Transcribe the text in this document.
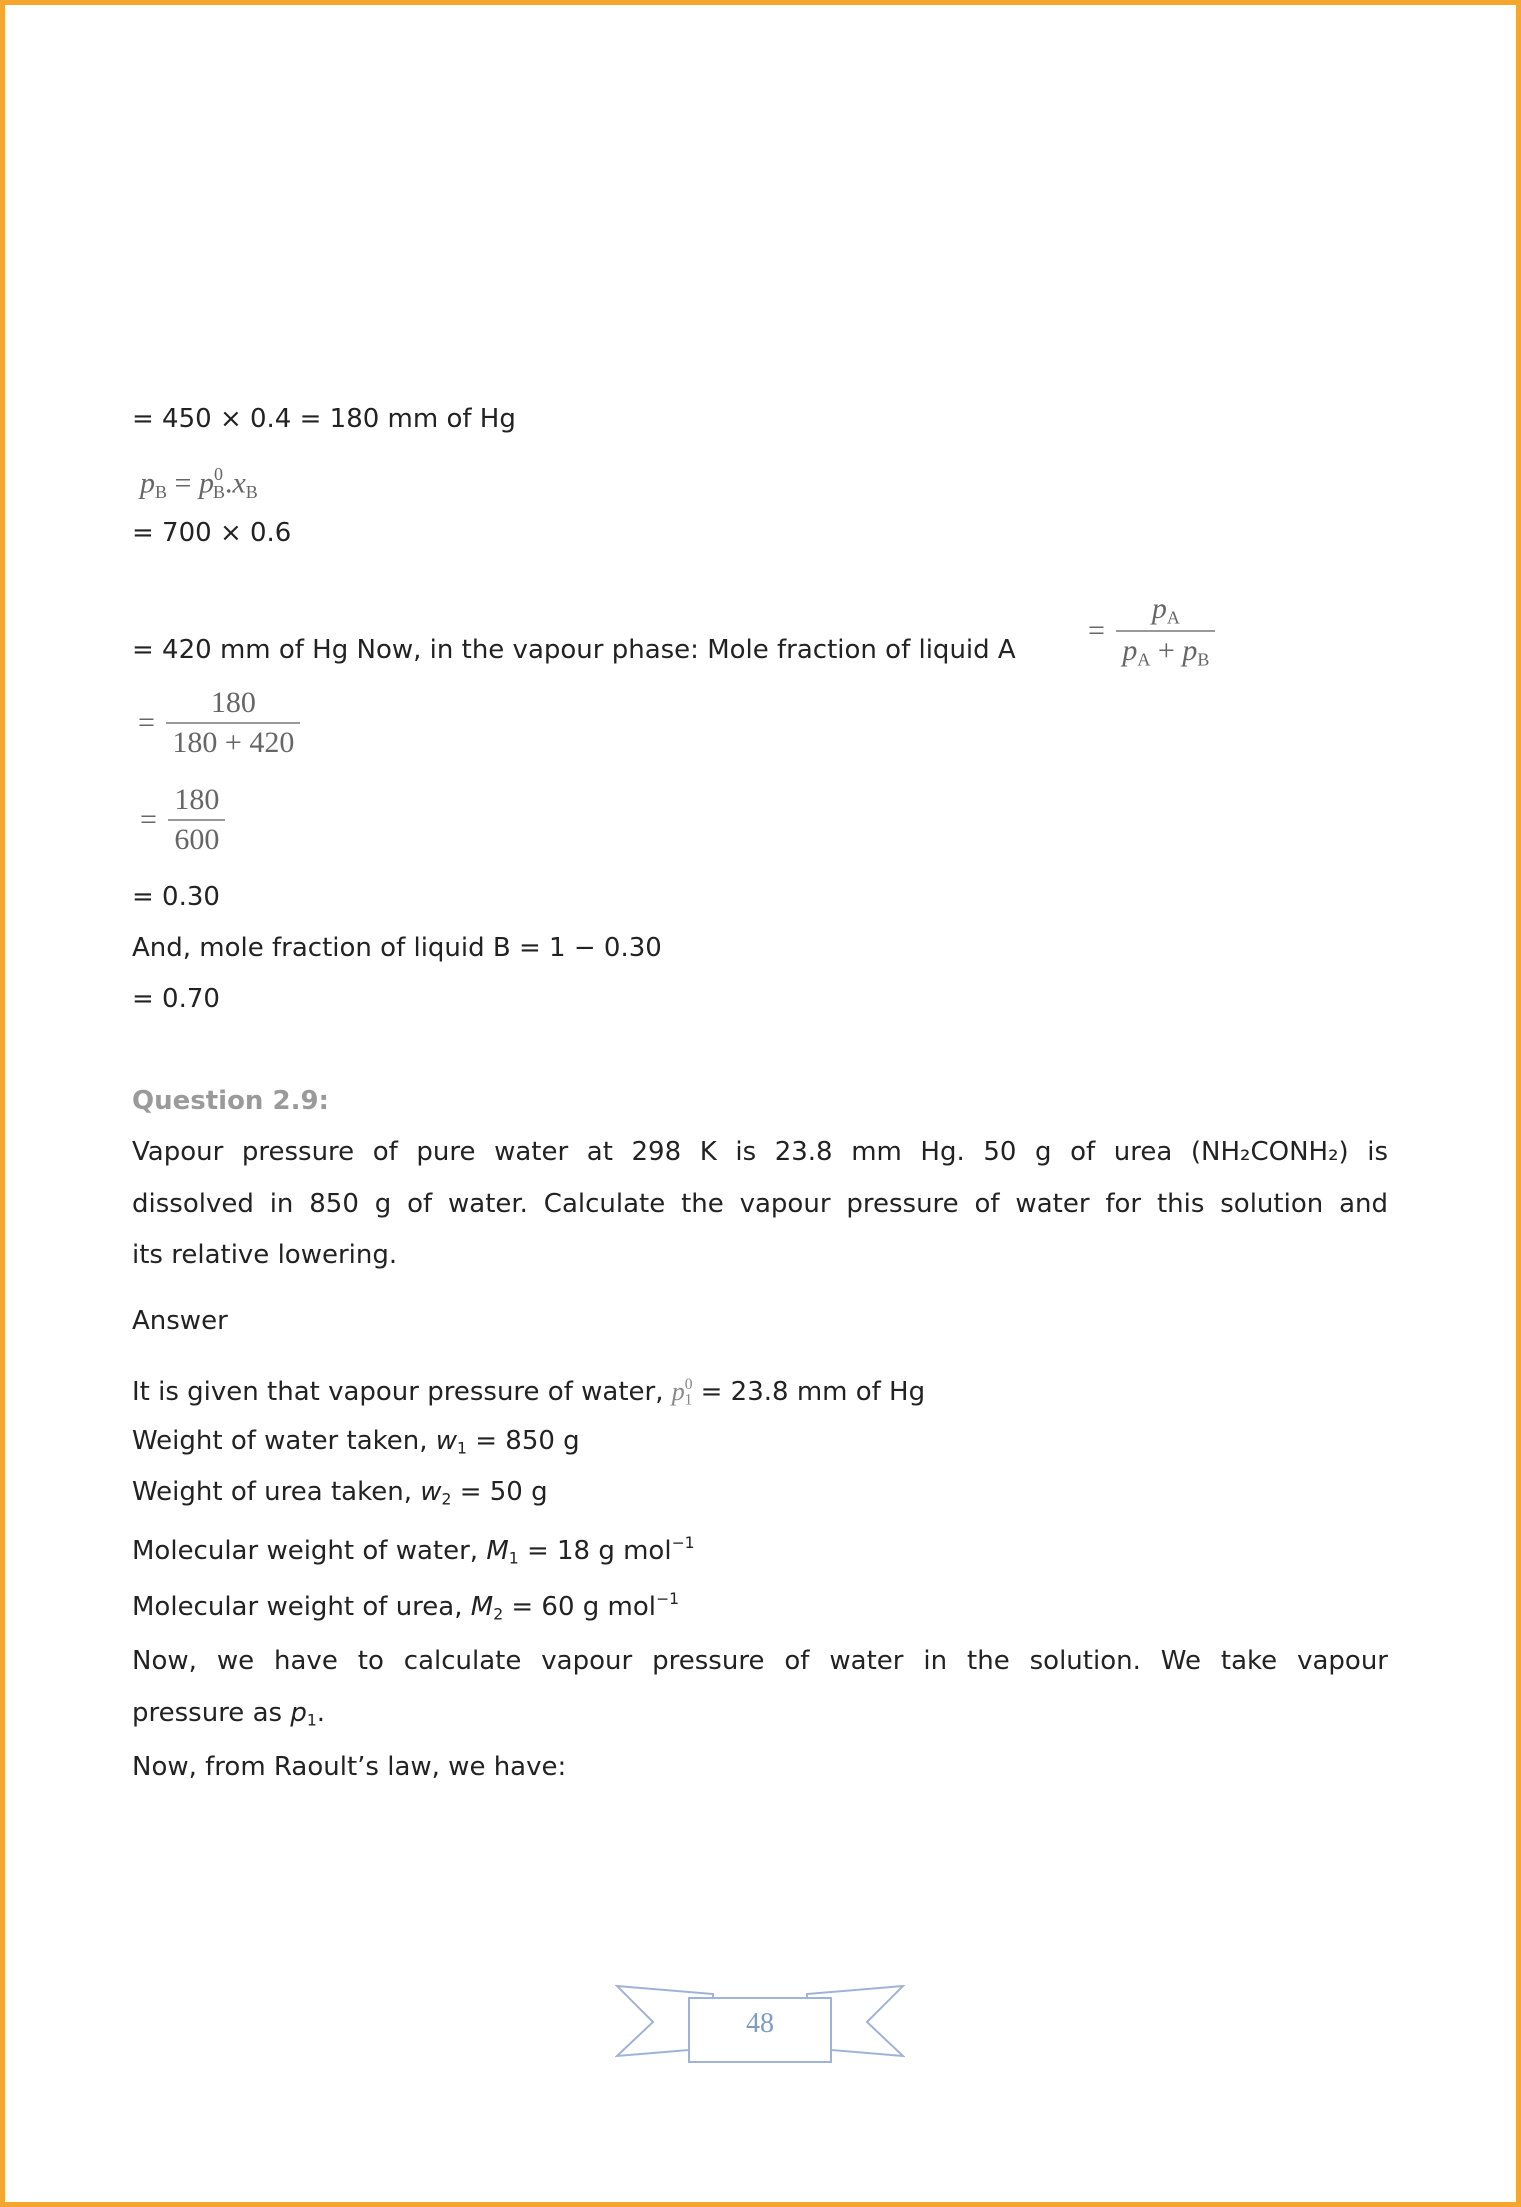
= 450 × 0.4 = 180 mm of Hg
$p_B = p^0_B.x_B$
= 700 × 0.6
= 420 mm of Hg Now, in the vapour phase: Mole fraction of liquid A
= $\frac{p_A}{p_A + p_B}$
= $\frac{180}{180 + 420}$
= $\frac{180}{600}$
= 0.30
And, mole fraction of liquid B = 1 − 0.30
= 0.70
Question 2.9:
Vapour pressure of pure water at 298 K is 23.8 mm Hg. 50 g of urea (NH₂CONH₂) is
dissolved in 850 g of water. Calculate the vapour pressure of water for this solution and
its relative lowering.
Answer
It is given that vapour pressure of water, $p^0_1 = 23.8$ mm of Hg
Weight of water taken, $w_1 = 850$ g
Weight of urea taken, $w_2 = 50$ g
Molecular weight of water, $M_1 = 18$ g mol$^{-1}$
Molecular weight of urea, $M_2 = 60$ g mol$^{-1}$
Now, we have to calculate vapour pressure of water in the solution. We take vapour
pressure as $p_1$.
Now, from Raoult’s law, we have:
48
